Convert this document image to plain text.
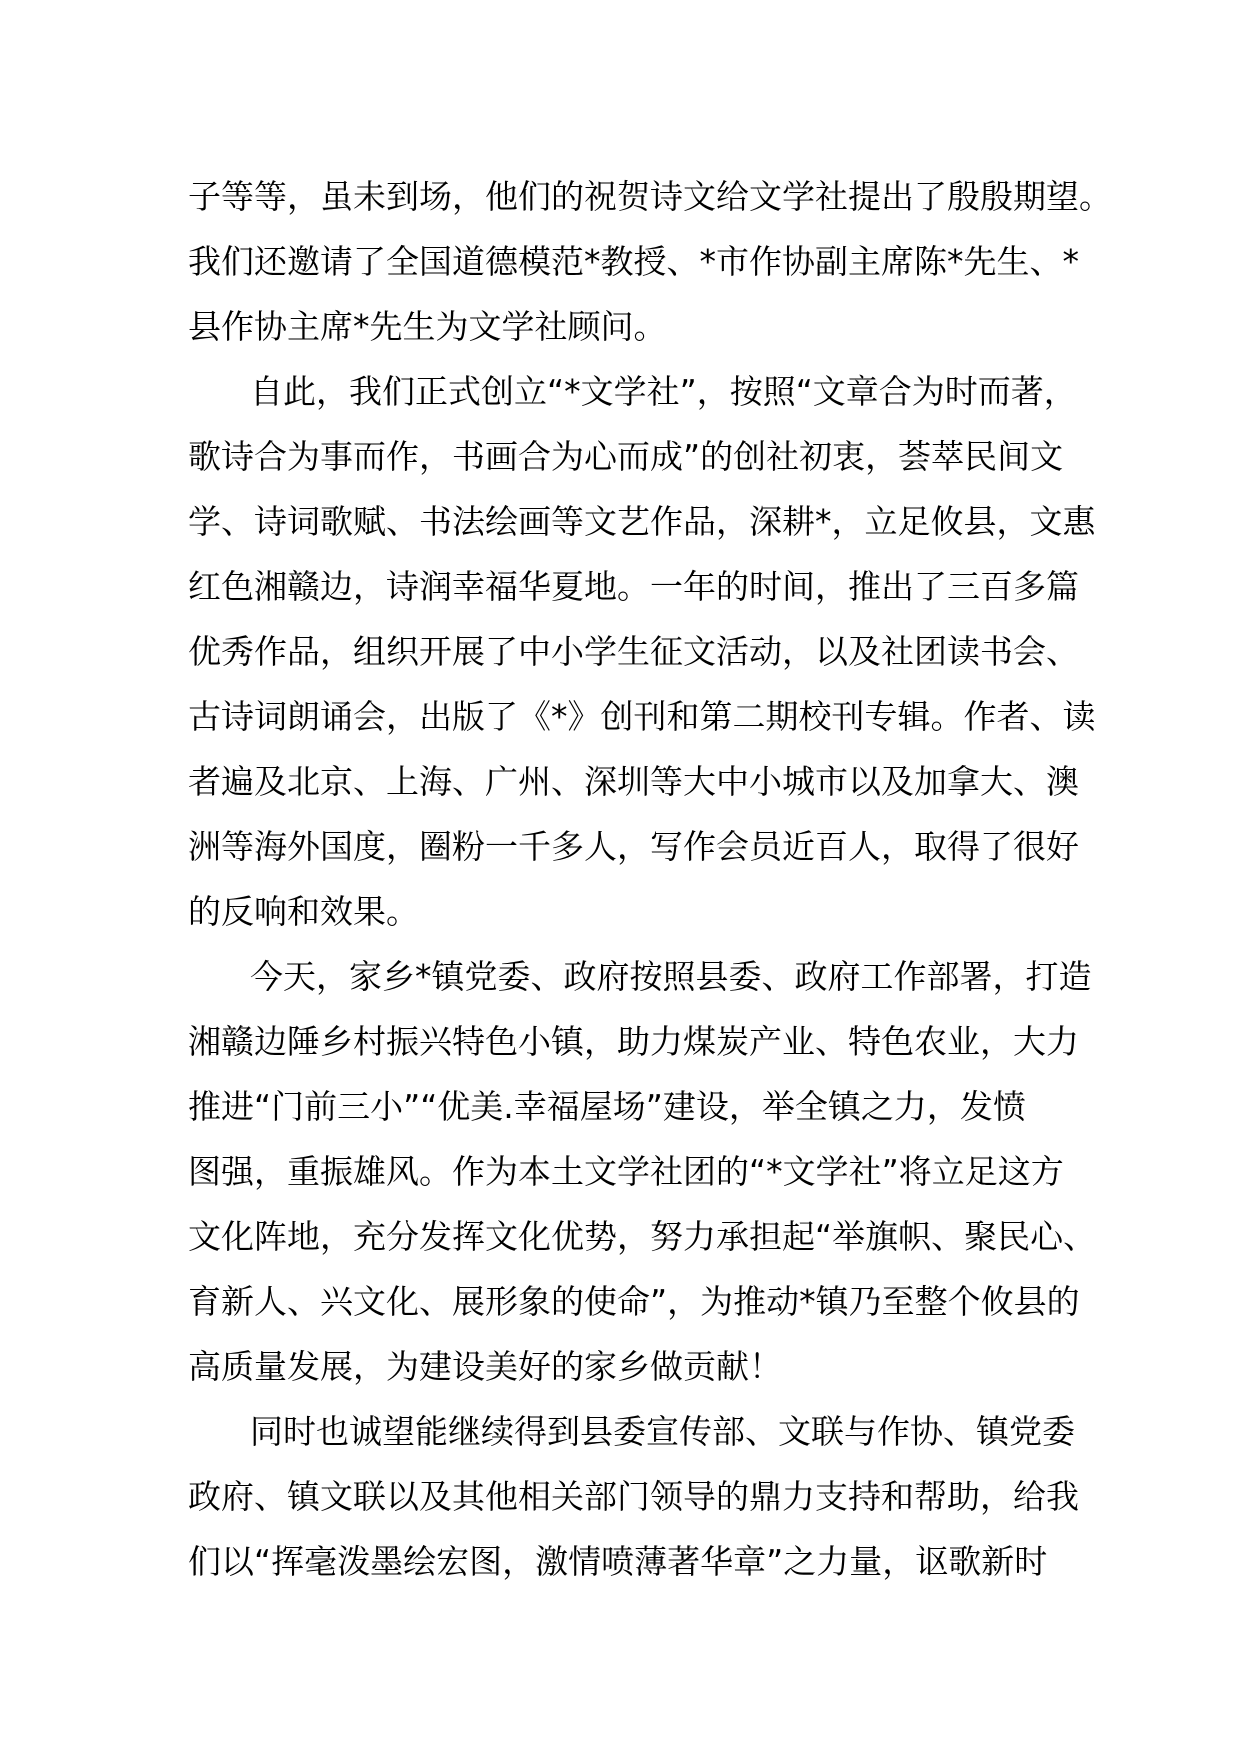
子等等，虽未到场，他们的祝贺诗文给文学社提出了殷殷期望。
我们还邀请了全国道德模范*教授、*市作协副主席陈*先生、*
县作协主席*先生为文学社顾问。
自此，我们正式创立“*文学社”，按照“文章合为时而著，
歌诗合为事而作，书画合为心而成”的创社初衷，荟萃民间文
学、诗词歌赋、书法绘画等文艺作品，深耕*，立足攸县，文惠
红色湘赣边，诗润幸福华夏地。一年的时间，推出了三百多篇
优秀作品，组织开展了中小学生征文活动，以及社团读书会、
古诗词朗诵会，出版了《*》创刊和第二期校刊专辑。作者、读
者遍及北京、上海、广州、深圳等大中小城市以及加拿大、澳
洲等海外国度，圈粉一千多人，写作会员近百人，取得了很好
的反响和效果。
今天，家乡*镇党委、政府按照县委、政府工作部署，打造
湘赣边陲乡村振兴特色小镇，助力煤炭产业、特色农业，大力
推进“门前三小”“优美.幸福屋场”建设，举全镇之力，发愤
图强，重振雄风。作为本土文学社团的“*文学社”将立足这方
文化阵地，充分发挥文化优势，努力承担起“举旗帜、聚民心、
育新人、兴文化、展形象的使命”，为推动*镇乃至整个攸县的
高质量发展，为建设美好的家乡做贡献！
同时也诚望能继续得到县委宣传部、文联与作协、镇党委
政府、镇文联以及其他相关部门领导的鼎力支持和帮助，给我
们以“挥毫泼墨绘宏图，激情喷薄著华章”之力量，讴歌新时
